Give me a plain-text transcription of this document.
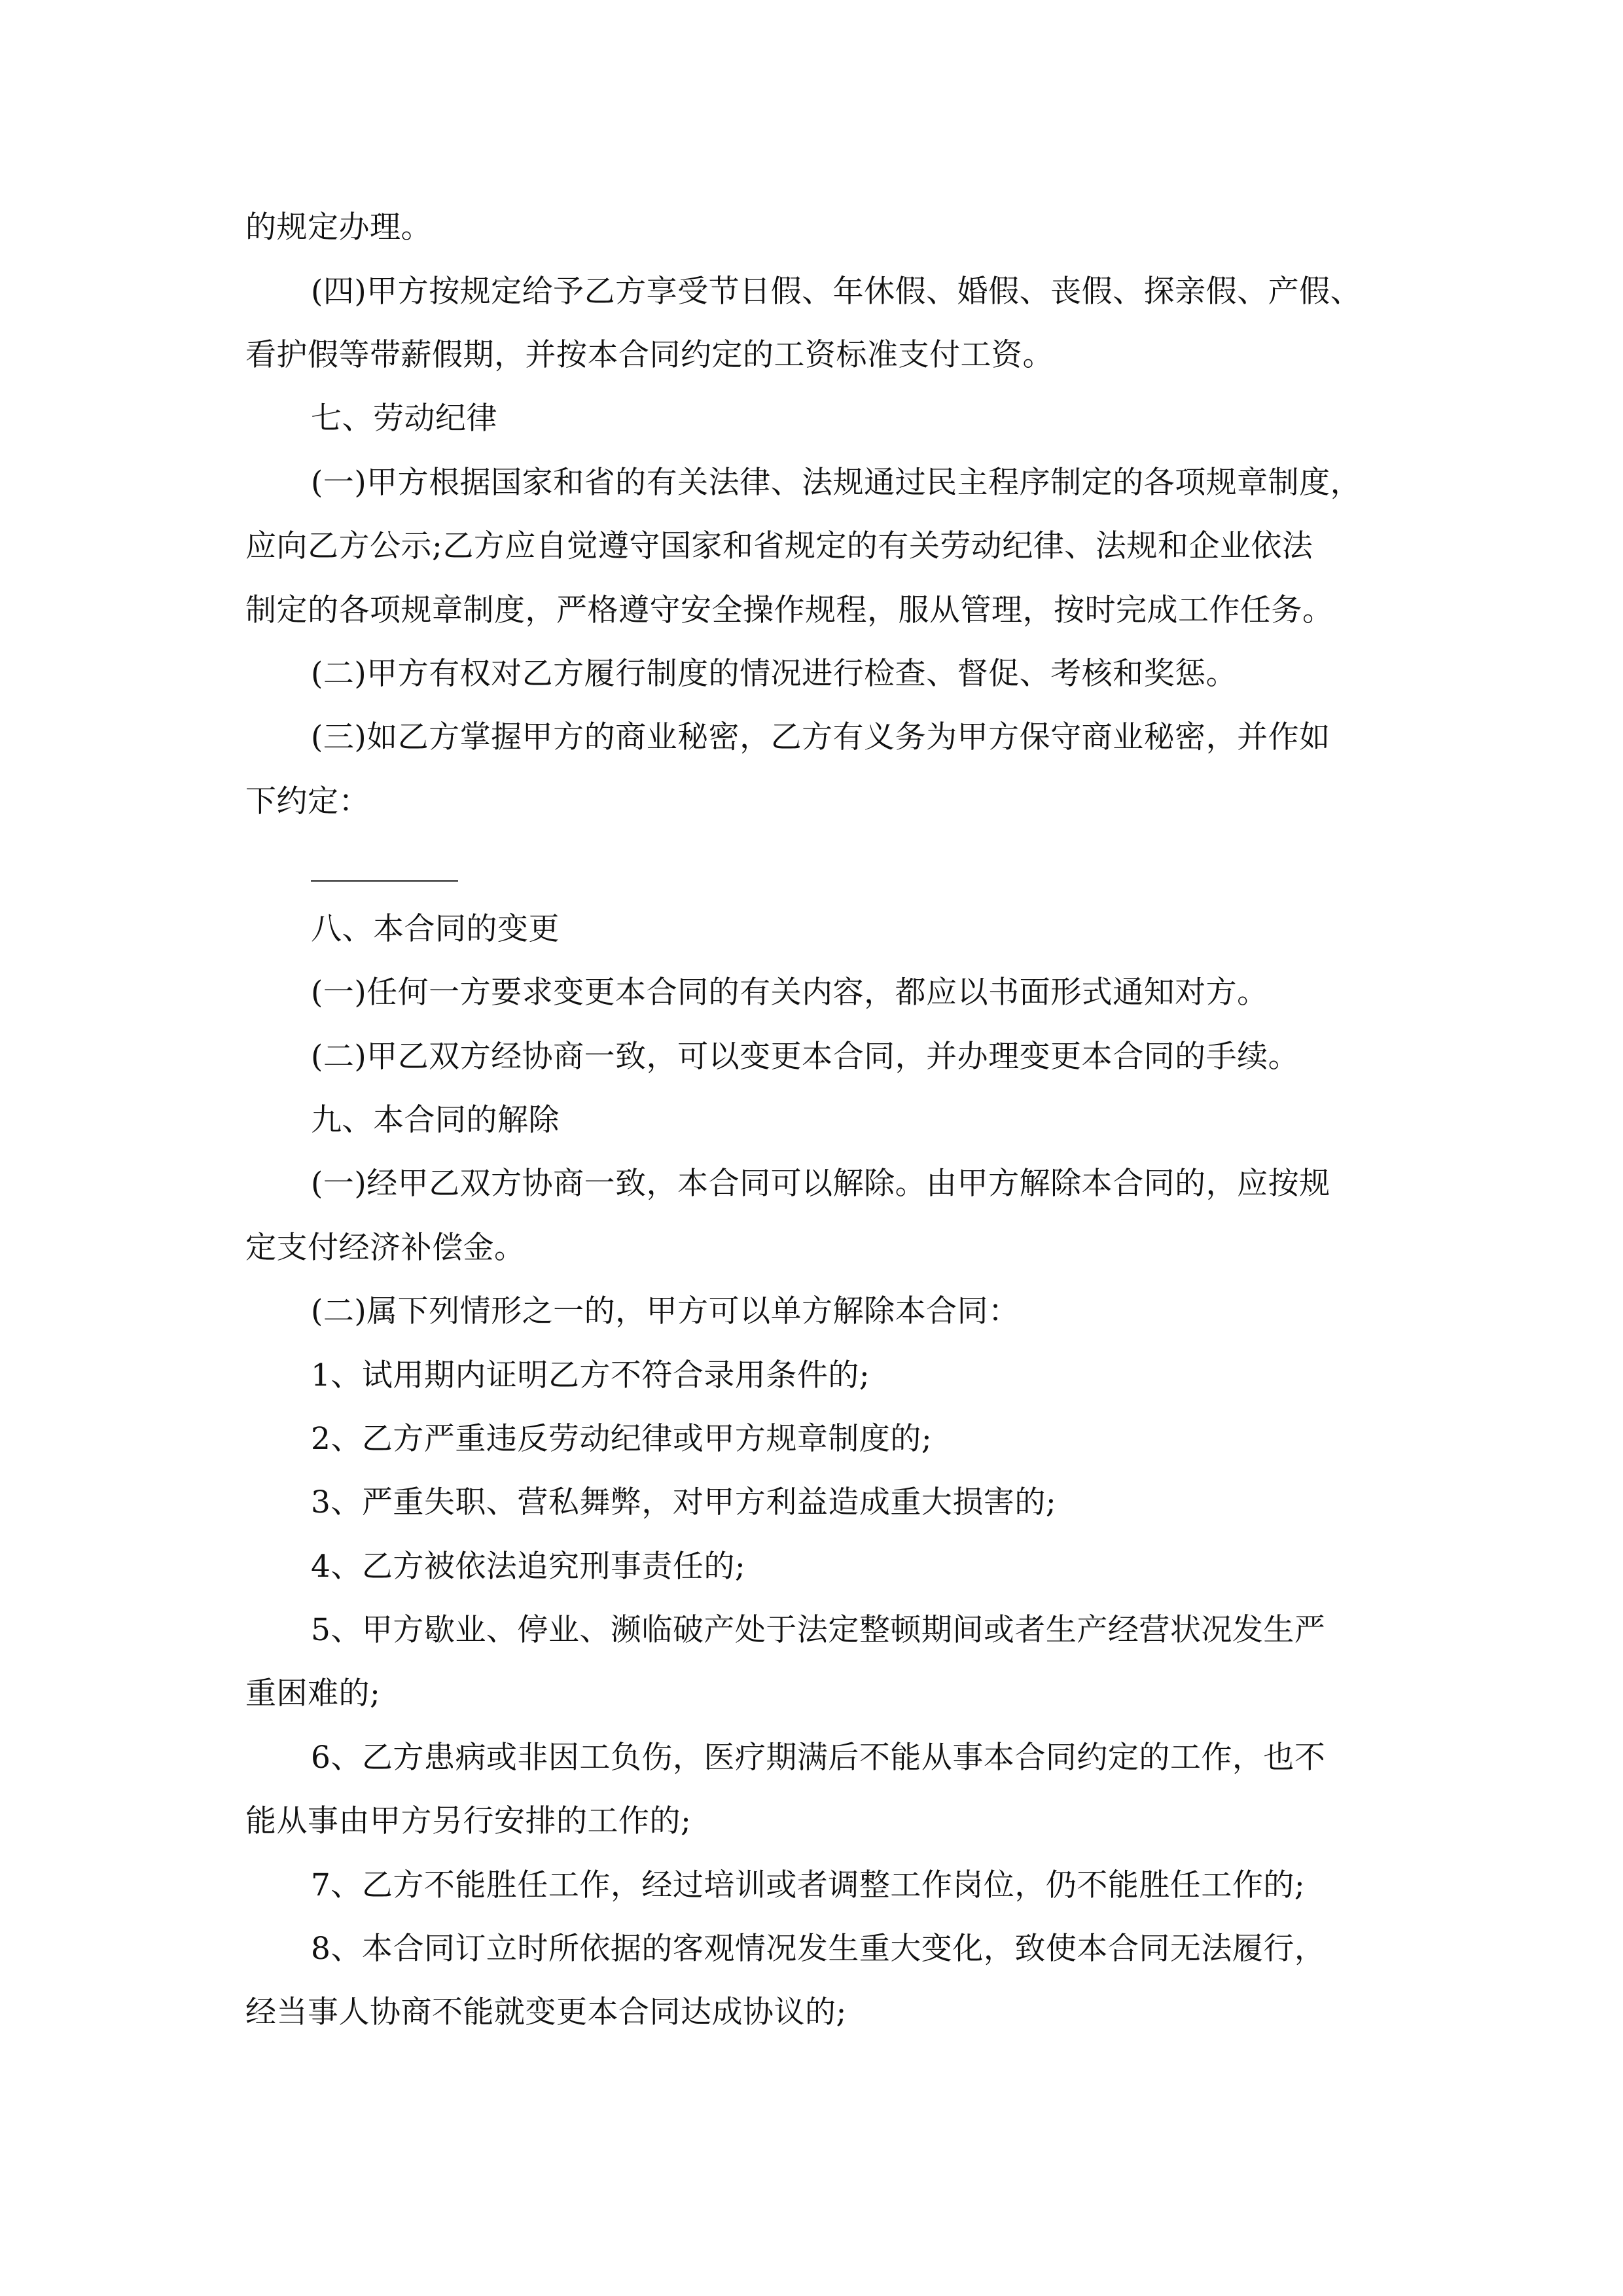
的规定办理。
(四)甲方按规定给予乙方享受节日假、年休假、婚假、丧假、探亲假、产假、
看护假等带薪假期，并按本合同约定的工资标准支付工资。
七、劳动纪律
(一)甲方根据国家和省的有关法律、法规通过民主程序制定的各项规章制度，
应向乙方公示;乙方应自觉遵守国家和省规定的有关劳动纪律、法规和企业依法
制定的各项规章制度，严格遵守安全操作规程，服从管理，按时完成工作任务。
(二)甲方有权对乙方履行制度的情况进行检查、督促、考核和奖惩。
(三)如乙方掌握甲方的商业秘密，乙方有义务为甲方保守商业秘密，并作如
下约定：
八、本合同的变更
(一)任何一方要求变更本合同的有关内容，都应以书面形式通知对方。
(二)甲乙双方经协商一致，可以变更本合同，并办理变更本合同的手续。
九、本合同的解除
(一)经甲乙双方协商一致，本合同可以解除。由甲方解除本合同的，应按规
定支付经济补偿金。
(二)属下列情形之一的，甲方可以单方解除本合同：
1、试用期内证明乙方不符合录用条件的;
2、乙方严重违反劳动纪律或甲方规章制度的;
3、严重失职、营私舞弊，对甲方利益造成重大损害的;
4、乙方被依法追究刑事责任的;
5、甲方歇业、停业、濒临破产处于法定整顿期间或者生产经营状况发生严
重困难的;
6、乙方患病或非因工负伤，医疗期满后不能从事本合同约定的工作，也不
能从事由甲方另行安排的工作的;
7、乙方不能胜任工作，经过培训或者调整工作岗位，仍不能胜任工作的;
8、本合同订立时所依据的客观情况发生重大变化，致使本合同无法履行，
经当事人协商不能就变更本合同达成协议的;
